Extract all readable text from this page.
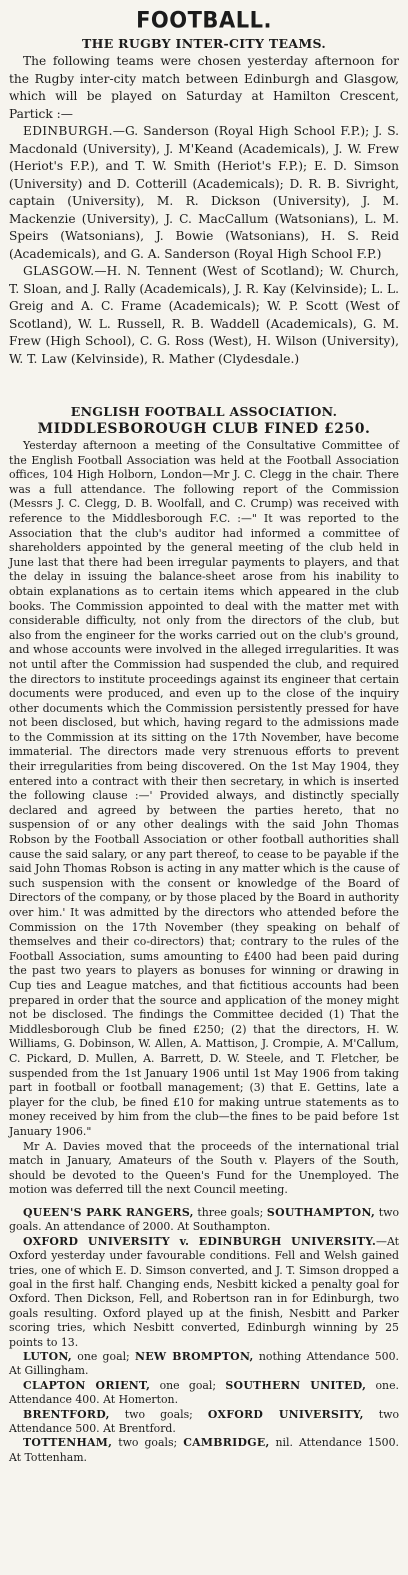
FOOTBALL.
THE RUGBY INTER-CITY TEAMS.

The following teams were chosen yesterday afternoon for the Rugby inter-city match between Edinburgh and Glasgow, which will be played on Saturday at Hamilton Crescent, Partick :—

EDINBURGH.—G. Sanderson (Royal High School F.P.); J. S. Macdonald (University), J. M'Keand (Academicals), J. W. Frew (Heriot's F.P.), and T. W. Smith (Heriot's F.P.); E. D. Simson (University) and D. Cotterill (Academicals); D. R. B. Sivright, captain (University), M. R. Dickson (University), J. M. Mackenzie (University), J. C. MacCallum (Watsonians), L. M. Speirs (Watsonians), J. Bowie (Watsonians), H. S. Reid (Academicals), and G. A. Sanderson (Royal High School F.P.)

GLASGOW.—H. N. Tennent (West of Scotland); W. Church, T. Sloan, and J. Rally (Academicals), J. R. Kay (Kelvinside); L. L. Greig and A. C. Frame (Academicals); W. P. Scott (West of Scotland), W. L. Russell, R. B. Waddell (Academicals), G. M. Frew (High School), C. G. Ross (West), H. Wilson (University), W. T. Law (Kelvinside), R. Mather (Clydesdale.)

ENGLISH FOOTBALL ASSOCIATION.
MIDDLESBOROUGH CLUB FINED £250.

Yesterday afternoon a meeting of the Consultative Committee of the English Football Association was held at the Football Association offices, 104 High Holborn, London—Mr J. C. Clegg in the chair. There was a full attendance. The following report of the Commission (Messrs J. C. Clegg, D. B. Woolfall, and C. Crump) was received with reference to the Middlesborough F.C. :—" It was reported to the Association that the club's auditor had informed a committee of shareholders appointed by the general meeting of the club held in June last that there had been irregular payments to players, and that the delay in issuing the balance-sheet arose from his inability to obtain explanations as to certain items which appeared in the club books. The Commission appointed to deal with the matter met with considerable difficulty, not only from the directors of the club, but also from the engineer for the works carried out on the club's ground, and whose accounts were involved in the alleged irregularities. It was not until after the Commission had suspended the club, and required the directors to institute proceedings against its engineer that certain documents were produced, and even up to the close of the inquiry other documents which the Commission persistently pressed for have not been disclosed, but which, having regard to the admissions made to the Commission at its sitting on the 17th November, have become immaterial. The directors made very strenuous efforts to prevent their irregularities from being discovered. On the 1st May 1904, they entered into a contract with their then secretary, in which is inserted the following clause :—' Provided always, and distinctly specially declared and agreed by between the parties hereto, that no suspension of or any other dealings with the said John Thomas Robson by the Football Association or other football authorities shall cause the said salary, or any part thereof, to cease to be payable if the said John Thomas Robson is acting in any matter which is the cause of such suspension with the consent or knowledge of the Board of Directors of the company, or by those placed by the Board in authority over him.' It was admitted by the directors who attended before the Commission on the 17th November (they speaking on behalf of themselves and their co-directors) that; contrary to the rules of the Football Association, sums amounting to £400 had been paid during the past two years to players as bonuses for winning or drawing in Cup ties and League matches, and that fictitious accounts had been prepared in order that the source and application of the money might not be disclosed. The findings the Committee decided (1) That the Middlesborough Club be fined £250; (2) that the directors, H. W. Williams, G. Dobinson, W. Allen, A. Mattison, J. Crompie, A. M'Callum, C. Pickard, D. Mullen, A. Barrett, D. W. Steele, and T. Fletcher, be suspended from the 1st January 1906 until 1st May 1906 from taking part in football or football management; (3) that E. Gettins, late a player for the club, be fined £10 for making untrue statements as to money received by him from the club—the fines to be paid before 1st January 1906."

Mr A. Davies moved that the proceeds of the international trial match in January, Amateurs of the South v. Players of the South, should be devoted to the Queen's Fund for the Unemployed. The motion was deferred till the next Council meeting.

QUEEN'S PARK RANGERS, three goals; SOUTHAMPTON, two goals. An attendance of 2000. At Southampton.

OXFORD UNIVERSITY v. EDINBURGH UNIVERSITY.—At Oxford yesterday under favourable conditions. Fell and Welsh gained tries, one of which E. D. Simson converted, and J. T. Simson dropped a goal in the first half. Changing ends, Nesbitt kicked a penalty goal for Oxford. Then Dickson, Fell, and Robertson ran in for Edinburgh, two goals resulting. Oxford played up at the finish, Nesbitt and Parker scoring tries, which Nesbitt converted, Edinburgh winning by 25 points to 13.

LUTON, one goal; NEW BROMPTON, nothing Attendance 500. At Gillingham.

CLAPTON ORIENT, one goal; SOUTHERN UNITED, one. Attendance 400. At Homerton.

BRENTFORD, two goals; OXFORD UNIVERSITY, two Attendance 500. At Brentford.

TOTTENHAM, two goals; CAMBRIDGE, nil. Attendance 1500. At Tottenham.
